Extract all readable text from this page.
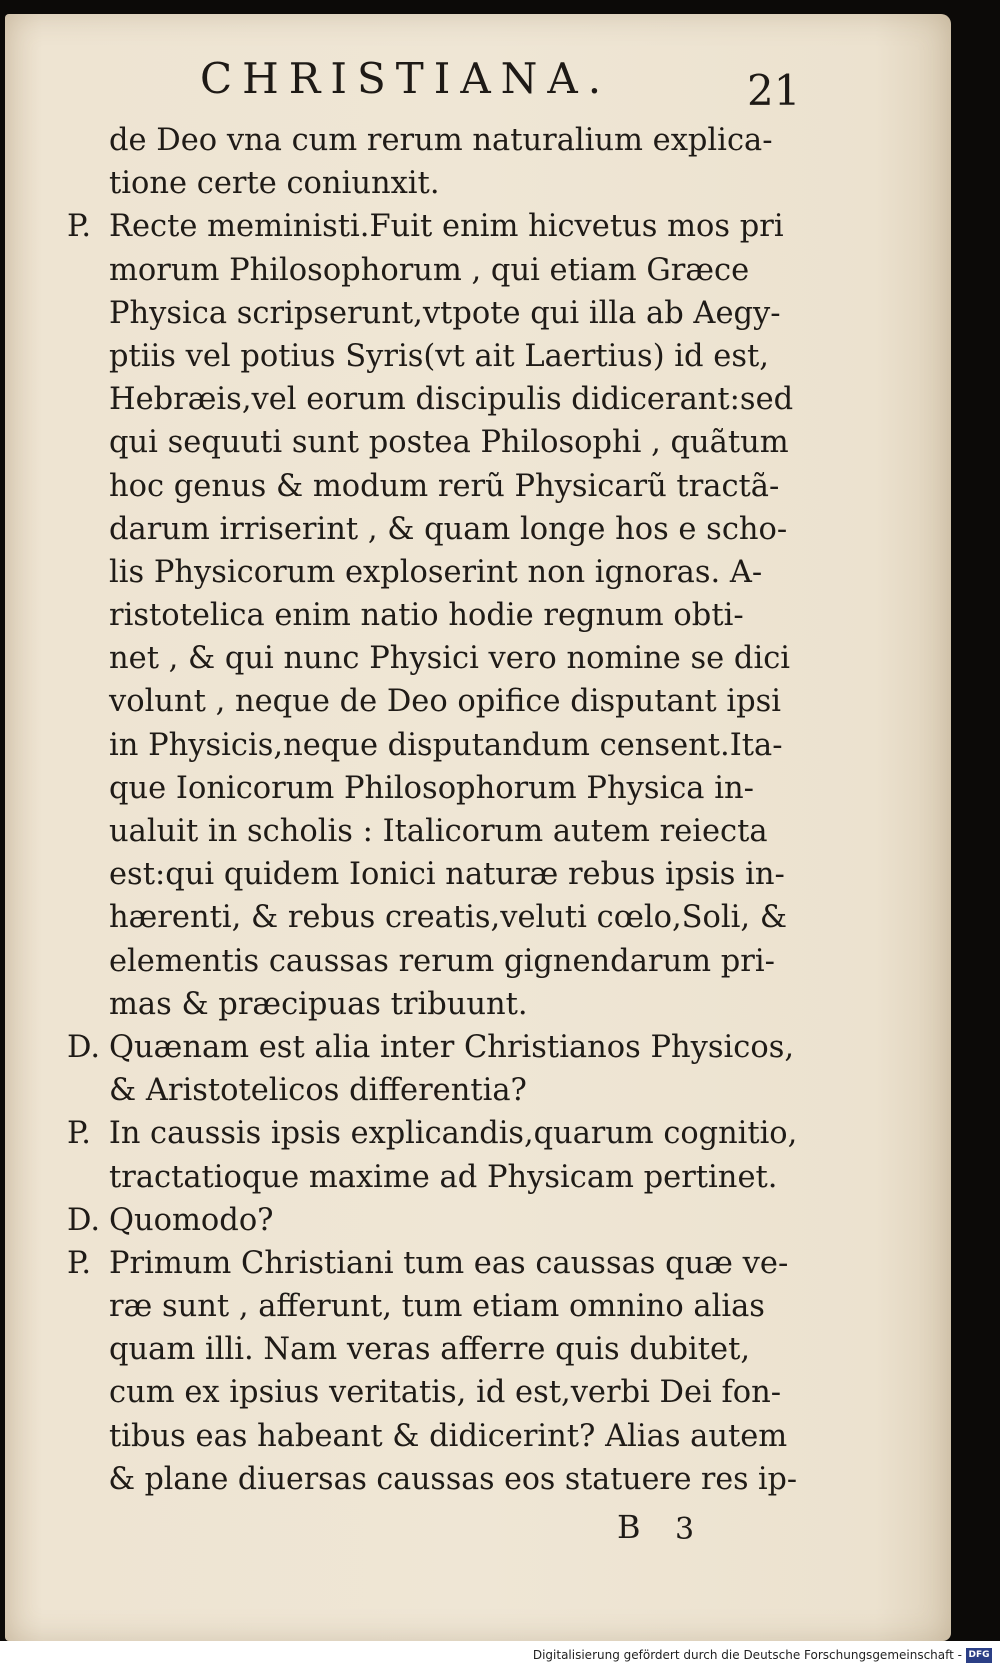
CHRISTIANA.	21
de Deo vna cum rerum naturalium explica-
tione certe coniunxit.
P. Recte meministi.Fuit enim hicvetus mos pri
morum Philosophorum , qui etiam Græce
Physica scripserunt,vtpote qui illa ab Aegy-
ptiis vel potius Syris(vt ait Laertius) id est,
Hebræis,vel eorum discipulis didicerant:sed
qui sequuti sunt postea Philosophi , quãtum
hoc genus & modum rerũ Physicarũ tractã-
darum irriserint , & quam longe hos e scho-
lis Physicorum exploserint non ignoras. A-
ristotelica enim natio hodie regnum obti-
net , & qui nunc Physici vero nomine se dici
volunt , neque de Deo opifice disputant ipsi
in Physicis,neque disputandum censent.Ita-
que Ionicorum Philosophorum Physica in-
ualuit in scholis : Italicorum autem reiecta
est:qui quidem Ionici naturæ rebus ipsis in-
hærenti, & rebus creatis,veluti cœlo,Soli, &
elementis caussas rerum gignendarum pri-
mas & præcipuas tribuunt.
D. Quænam est alia inter Christianos Physicos,
& Aristotelicos differentia?
P. In caussis ipsis explicandis,quarum cognitio,
tractatioque maxime ad Physicam pertinet.
D. Quomodo?
P. Primum Christiani tum eas caussas quæ ve-
ræ sunt , afferunt, tum etiam omnino alias
quam illi. Nam veras afferre quis dubitet,
cum ex ipsius veritatis, id est,verbi Dei fon-
tibus eas habeant & didicerint? Alias autem
& plane diuersas caussas eos statuere res ip-
B 3
Digitalisierung gefördert durch die Deutsche Forschungsgemeinschaft - DFG
